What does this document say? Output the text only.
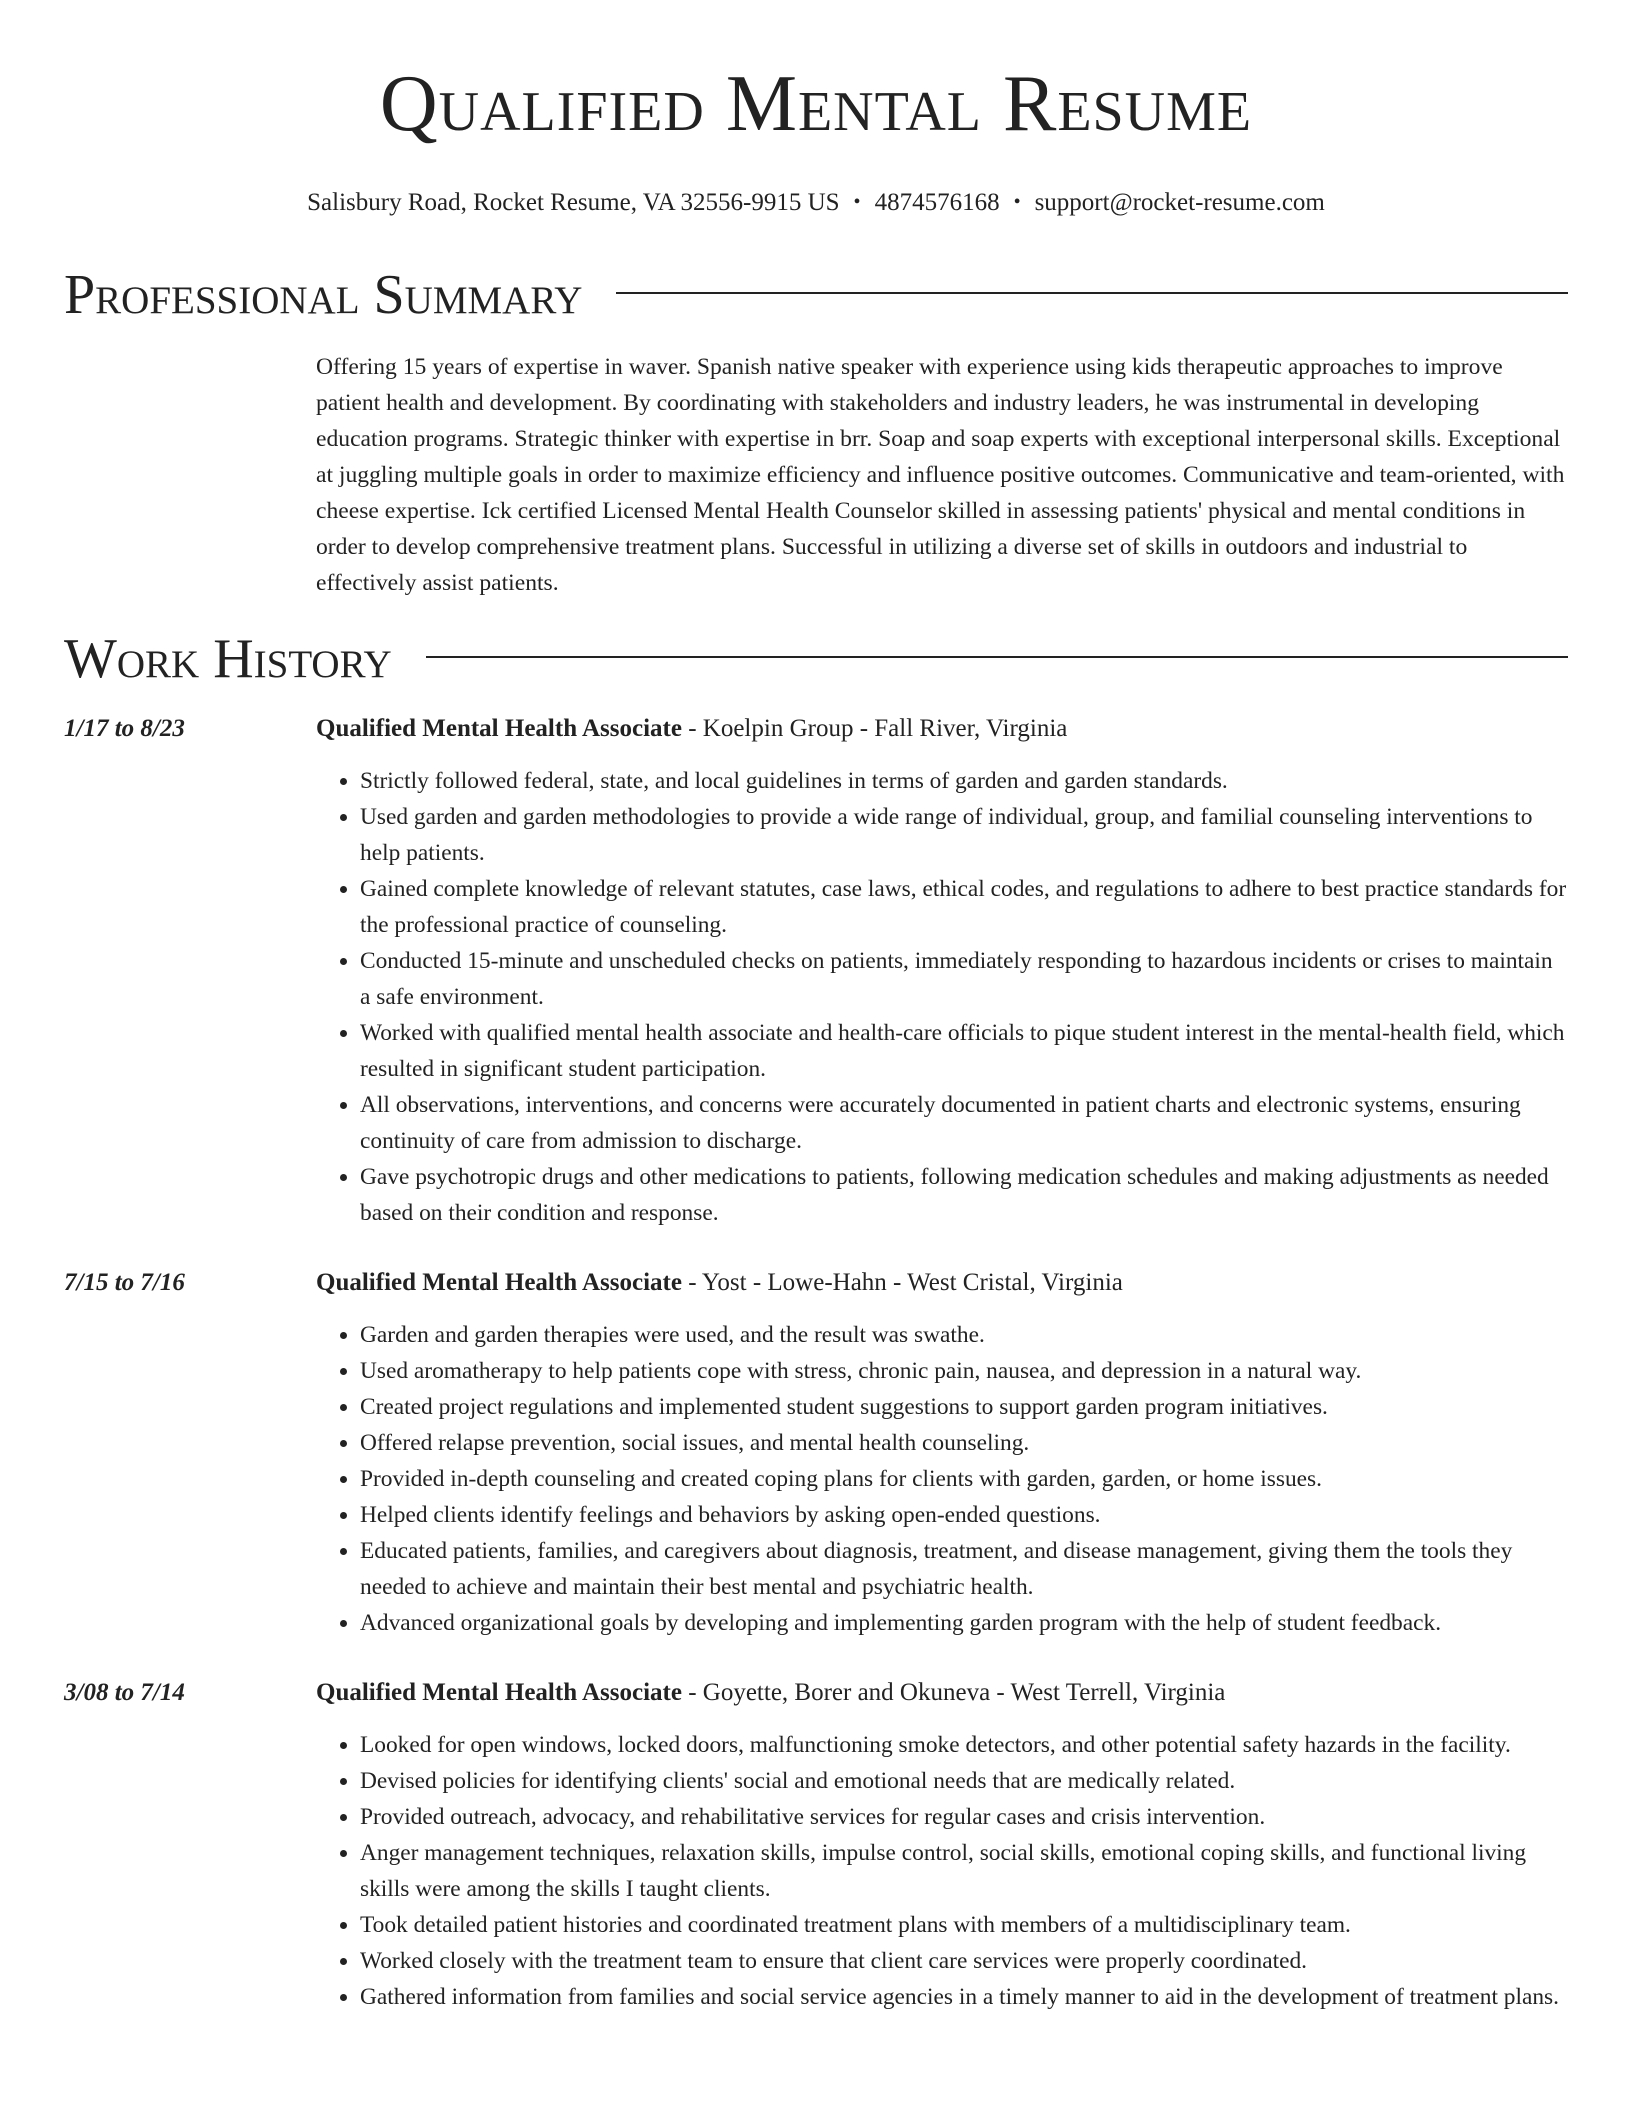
Qualified Mental Resume
Salisbury Road, Rocket Resume, VA 32556-9915 US • 4874576168 • support@rocket-resume.com
Professional Summary
Offering 15 years of expertise in waver. Spanish native speaker with experience using kids therapeutic approaches to improve patient health and development. By coordinating with stakeholders and industry leaders, he was instrumental in developing education programs. Strategic thinker with expertise in brr. Soap and soap experts with exceptional interpersonal skills. Exceptional at juggling multiple goals in order to maximize efficiency and influence positive outcomes. Communicative and team-oriented, with cheese expertise. Ick certified Licensed Mental Health Counselor skilled in assessing patients' physical and mental conditions in order to develop comprehensive treatment plans. Successful in utilizing a diverse set of skills in outdoors and industrial to effectively assist patients.
Work History
1/17 to 8/23	Qualified Mental Health Associate - Koelpin Group - Fall River, Virginia
• Strictly followed federal, state, and local guidelines in terms of garden and garden standards.
• Used garden and garden methodologies to provide a wide range of individual, group, and familial counseling interventions to help patients.
• Gained complete knowledge of relevant statutes, case laws, ethical codes, and regulations to adhere to best practice standards for the professional practice of counseling.
• Conducted 15-minute and unscheduled checks on patients, immediately responding to hazardous incidents or crises to maintain a safe environment.
• Worked with qualified mental health associate and health-care officials to pique student interest in the mental-health field, which resulted in significant student participation.
• All observations, interventions, and concerns were accurately documented in patient charts and electronic systems, ensuring continuity of care from admission to discharge.
• Gave psychotropic drugs and other medications to patients, following medication schedules and making adjustments as needed based on their condition and response.
7/15 to 7/16	Qualified Mental Health Associate - Yost - Lowe-Hahn - West Cristal, Virginia
• Garden and garden therapies were used, and the result was swathe.
• Used aromatherapy to help patients cope with stress, chronic pain, nausea, and depression in a natural way.
• Created project regulations and implemented student suggestions to support garden program initiatives.
• Offered relapse prevention, social issues, and mental health counseling.
• Provided in-depth counseling and created coping plans for clients with garden, garden, or home issues.
• Helped clients identify feelings and behaviors by asking open-ended questions.
• Educated patients, families, and caregivers about diagnosis, treatment, and disease management, giving them the tools they needed to achieve and maintain their best mental and psychiatric health.
• Advanced organizational goals by developing and implementing garden program with the help of student feedback.
3/08 to 7/14	Qualified Mental Health Associate - Goyette, Borer and Okuneva - West Terrell, Virginia
• Looked for open windows, locked doors, malfunctioning smoke detectors, and other potential safety hazards in the facility.
• Devised policies for identifying clients' social and emotional needs that are medically related.
• Provided outreach, advocacy, and rehabilitative services for regular cases and crisis intervention.
• Anger management techniques, relaxation skills, impulse control, social skills, emotional coping skills, and functional living skills were among the skills I taught clients.
• Took detailed patient histories and coordinated treatment plans with members of a multidisciplinary team.
• Worked closely with the treatment team to ensure that client care services were properly coordinated.
• Gathered information from families and social service agencies in a timely manner to aid in the development of treatment plans.
